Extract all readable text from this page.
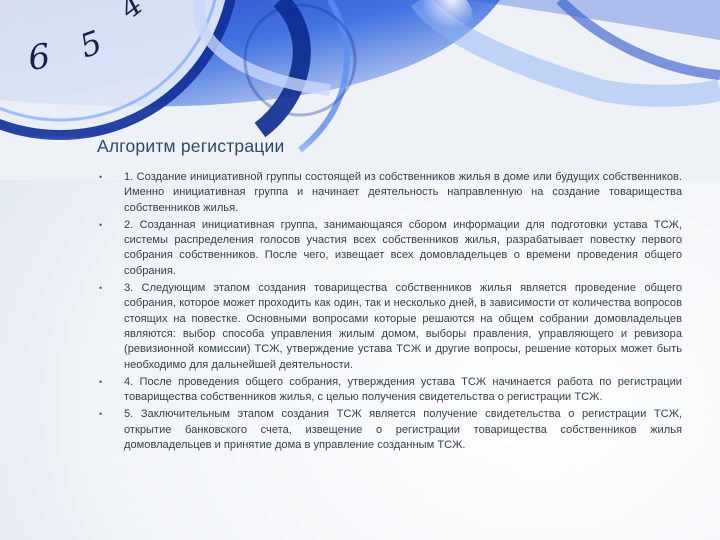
Алгоритм регистрации
• 1. Создание инициативной группы состоящей из собственников жилья в доме или будущих собственников. Именно инициативная группа и начинает деятельность направленную на создание товарищества собственников жилья.
• 2. Созданная инициативная группа, занимающаяся сбором информации для подготовки устава ТСЖ, системы распределения голосов участия всех собственников жилья, разрабатывает повестку первого собрания собственников. После чего, извещает всех домовладельцев о времени проведения общего собрания.
• 3. Следующим этапом создания товарищества собственников жилья является проведение общего собрания, которое может проходить как один, так и несколько дней, в зависимости от количества вопросов стоящих на повестке. Основными вопросами которые решаются на общем собрании домовладельцев являются: выбор способа управления жилым домом, выборы правления, управляющего и ревизора (ревизионной комиссии) ТСЖ, утверждение устава ТСЖ и другие вопросы, решение которых может быть необходимо для дальнейшей деятельности.
• 4. После проведения общего собрания, утверждения устава ТСЖ начинается работа по регистрации товарищества собственников жилья, с целью получения свидетельства о регистрации ТСЖ.
• 5. Заключительным этапом создания ТСЖ является получение свидетельства о регистрации ТСЖ, открытие банковского счета, извещение о регистрации товарищества собственников жилья домовладельцев и принятие дома в управление созданным ТСЖ.
